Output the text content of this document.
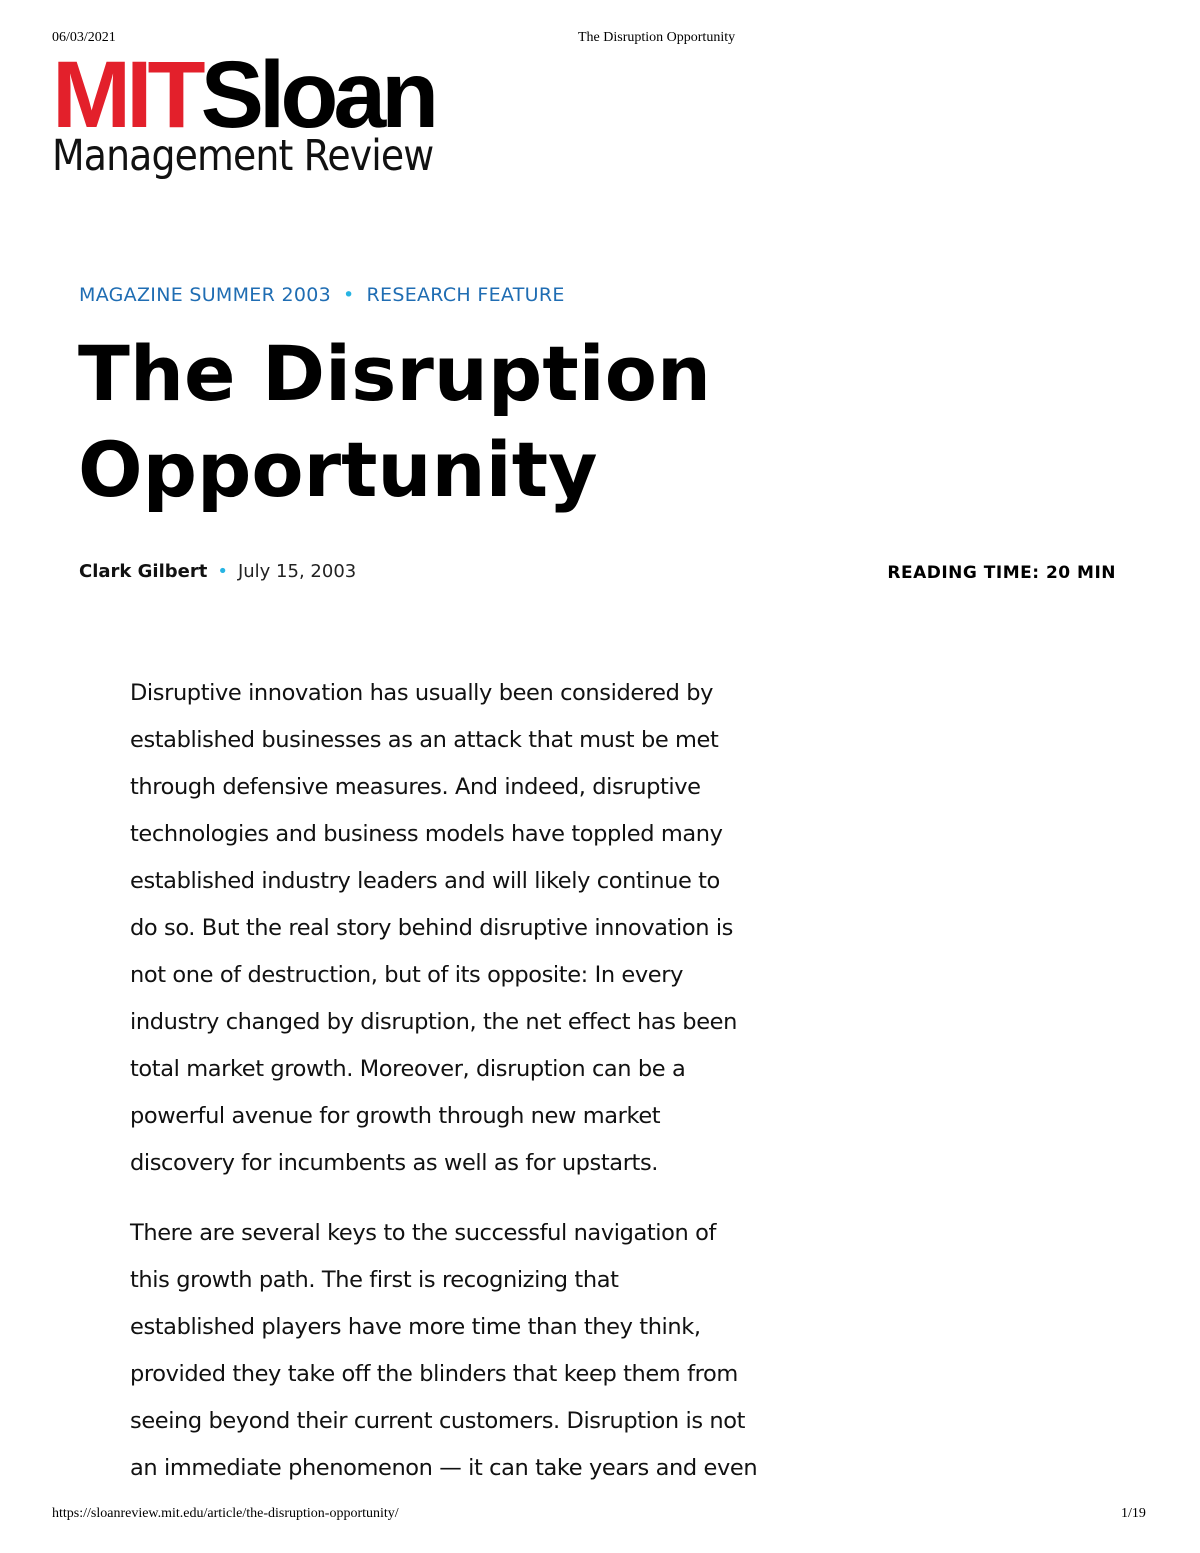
06/03/2021	The Disruption Opportunity
MITSloan
Management Review
MAGAZINE SUMMER 2003 • RESEARCH FEATURE
The Disruption
Opportunity
Clark Gilbert • July 15, 2003	READING TIME: 20 MIN

Disruptive innovation has usually been considered by
established businesses as an attack that must be met
through defensive measures. And indeed, disruptive
technologies and business models have toppled many
established industry leaders and will likely continue to
do so. But the real story behind disruptive innovation is
not one of destruction, but of its opposite: In every
industry changed by disruption, the net effect has been
total market growth. Moreover, disruption can be a
powerful avenue for growth through new market
discovery for incumbents as well as for upstarts.

There are several keys to the successful navigation of
this growth path. The first is recognizing that
established players have more time than they think,
provided they take off the blinders that keep them from
seeing beyond their current customers. Disruption is not
an immediate phenomenon — it can take years and even

https://sloanreview.mit.edu/article/the-disruption-opportunity/	1/19
